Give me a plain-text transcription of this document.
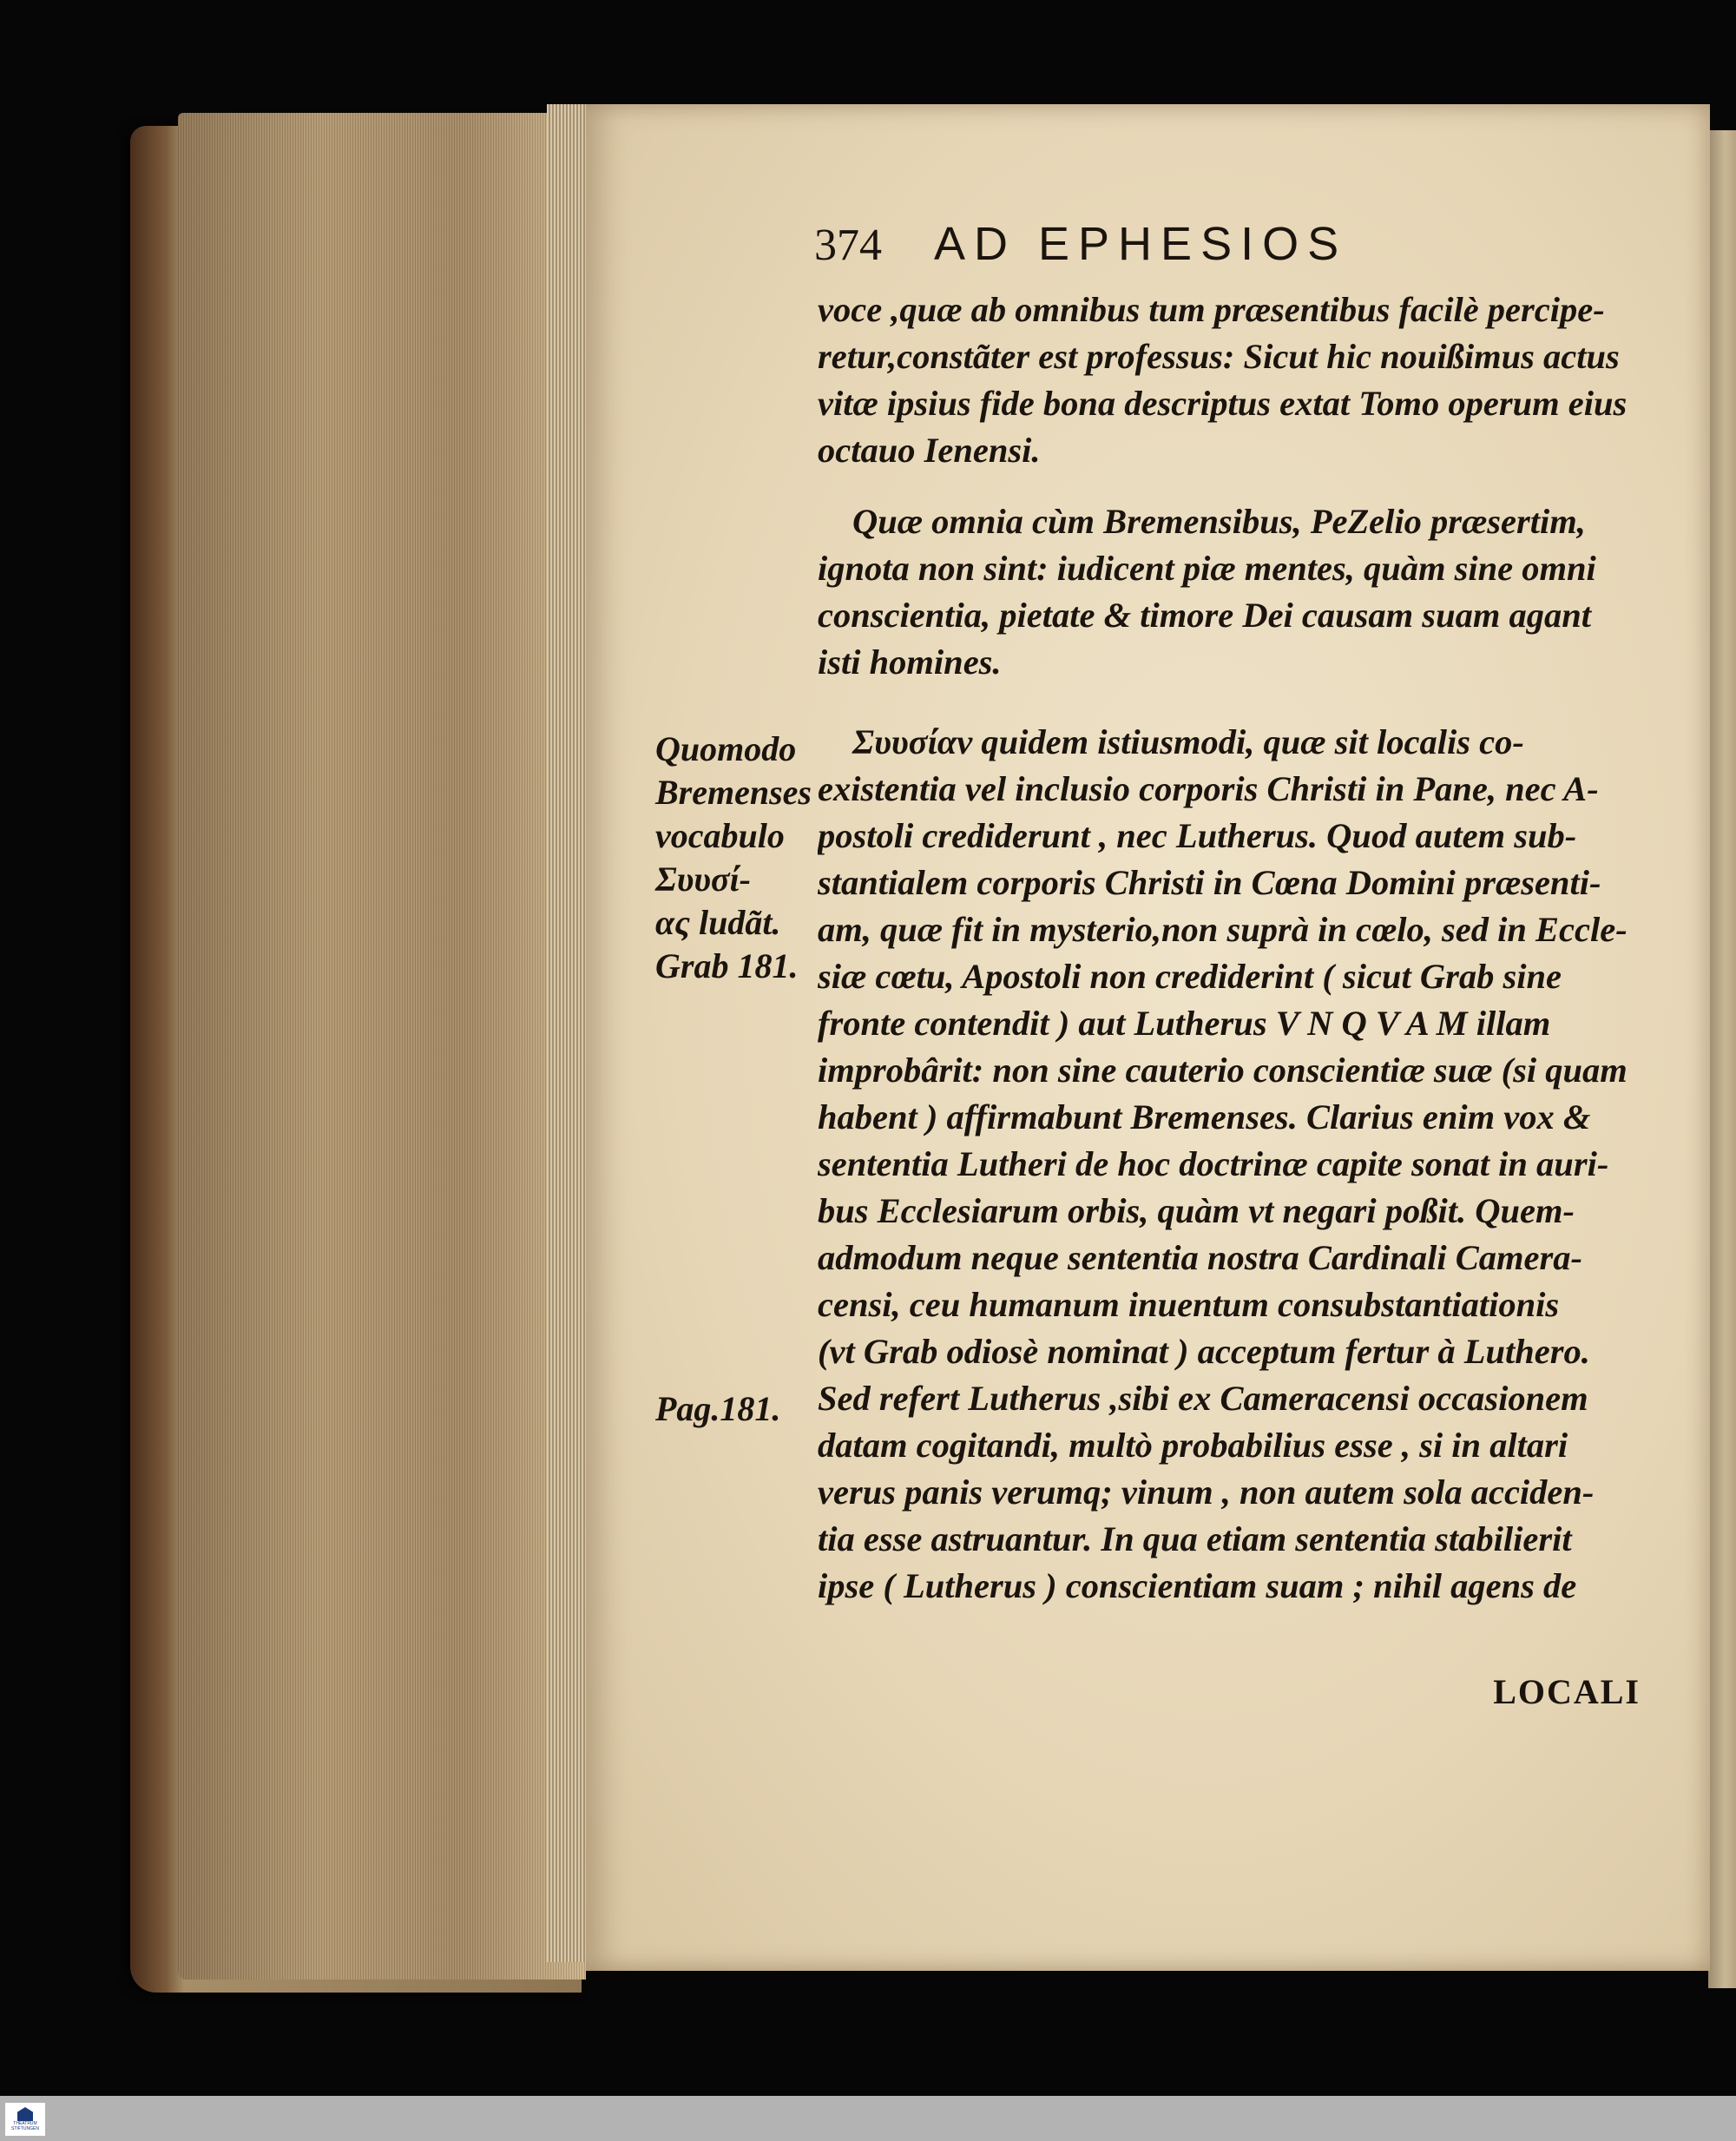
374 AD EPHESIOS
voce ,quæ ab omnibus tum præsentibus facilè percipe-
retur,constãter est professus: Sicut hic nouißimus actus
vitæ ipsius fide bona descriptus extat Tomo operum eius
octauo Ienensi.
Quæ omnia cùm Bremensibus, PeZelio præsertim,
ignota non sint: iudicent piæ mentes, quàm sine omni
conscientia, pietate & timore Dei causam suam agant
isti homines.
Συυσίαν quidem istiusmodi, quæ sit localis co-
existentia vel inclusio corporis Christi in Pane, nec A-
postoli crediderunt , nec Lutherus. Quod autem sub-
stantialem corporis Christi in Cœna Domini præsenti-
am, quæ fit in mysterio,non suprà in cœlo, sed in Eccle-
siæ cœtu, Apostoli non crediderint ( sicut Grab sine
fronte contendit ) aut Lutherus V N Q V A M illam
improbârit: non sine cauterio conscientiæ suæ (si quam
habent ) affirmabunt Bremenses. Clarius enim vox &
sententia Lutheri de hoc doctrinæ capite sonat in auri-
bus Ecclesiarum orbis, quàm vt negari poßit. Quem-
admodum neque sententia nostra Cardinali Camera-
censi, ceu humanum inuentum consubstantiationis
(vt Grab odiosè nominat ) acceptum fertur à Luthero.
Sed refert Lutherus ,sibi ex Cameracensi occasionem
datam cogitandi, multò probabilius esse , si in altari
verus panis verumq; vinum , non autem sola acciden-
tia esse astruantur. In qua etiam sententia stabilierit
ipse ( Lutherus ) conscientiam suam ; nihil agens de
Quomodo
Bremenses
vocabulo
Συυσί-
ας ludãt.
Grab 181.
Pag.181.
LOCALI
THEATRUM STIFTUNGEN
